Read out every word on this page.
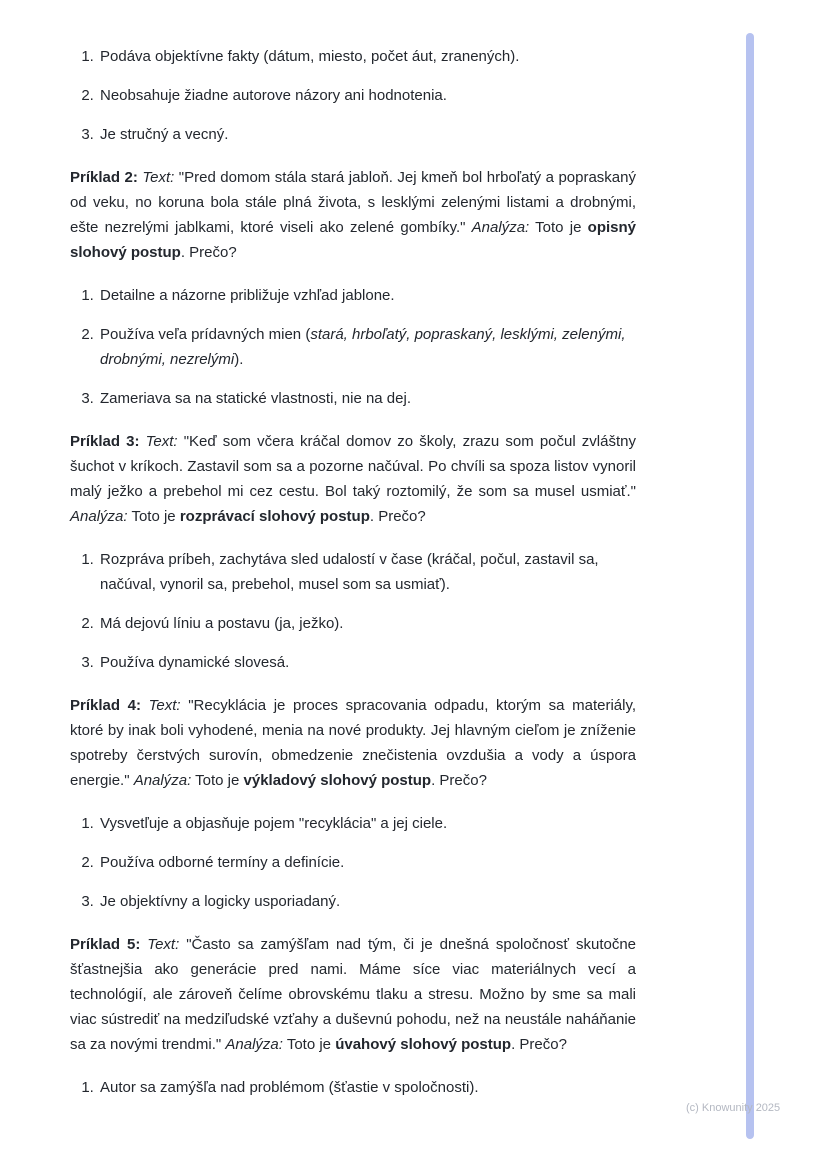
1. Podáva objektívne fakty (dátum, miesto, počet áut, zranených).
2. Neobsahuje žiadne autorove názory ani hodnotenia.
3. Je stručný a vecný.

Príklad 2: Text: "Pred domom stála stará jabloň. Jej kmeň bol hrboľatý a popraskaný od veku, no koruna bola stále plná života, s lesklými zelenými listami a drobnými, ešte nezrelými jablkami, ktoré viseli ako zelené gombíky." Analýza: Toto je opisný slohový postup. Prečo?

1. Detailne a názorne približuje vzhľad jablone.
2. Používa veľa prídavných mien (stará, hrboľatý, popraskaný, lesklými, zelenými, drobnými, nezrelými).
3. Zameriava sa na statické vlastnosti, nie na dej.

Príklad 3: Text: "Keď som včera kráčal domov zo školy, zrazu som počul zvláštny šuchot v kríkoch. Zastavil som sa a pozorne načúval. Po chvíli sa spoza listov vynoril malý ježko a prebehol mi cez cestu. Bol taký roztomilý, že som sa musel usmiať." Analýza: Toto je rozprávací slohový postup. Prečo?

1. Rozpráva príbeh, zachytáva sled udalostí v čase (kráčal, počul, zastavil sa, načúval, vynoril sa, prebehol, musel som sa usmiať).
2. Má dejovú líniu a postavu (ja, ježko).
3. Používa dynamické slovesá.

Príklad 4: Text: "Recyklácia je proces spracovania odpadu, ktorým sa materiály, ktoré by inak boli vyhodené, menia na nové produkty. Jej hlavným cieľom je zníženie spotreby čerstvých surovín, obmedzenie znečistenia ovzdušia a vody a úspora energie." Analýza: Toto je výkladový slohový postup. Prečo?

1. Vysvetľuje a objasňuje pojem "recyklácia" a jej ciele.
2. Používa odborné termíny a definície.
3. Je objektívny a logicky usporiadaný.

Príklad 5: Text: "Často sa zamýšľam nad tým, či je dnešná spoločnosť skutočne šťastnejšia ako generácie pred nami. Máme síce viac materiálnych vecí a technológií, ale zároveň čelíme obrovskému tlaku a stresu. Možno by sme sa mali viac sústrediť na medziľudské vzťahy a duševnú pohodu, než na neustále naháňanie sa za novými trendmi." Analýza: Toto je úvahový slohový postup. Prečo?

1. Autor sa zamýšľa nad problémom (šťastie v spoločnosti).
(c) Knowunity 2025
